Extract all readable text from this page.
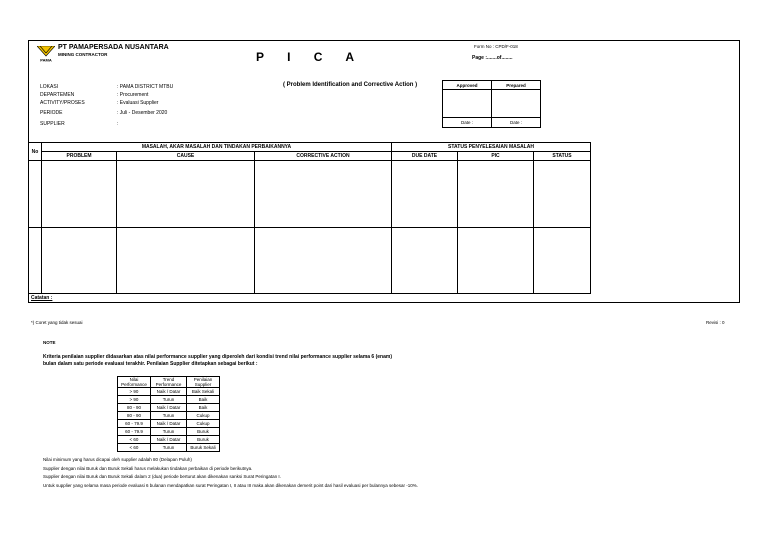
PAMA
PT PAMAPERSADA NUSANTARA
MINING CONTRACTOR	P I C A
Form No : CPD/F-018
Page :.......of........
LOKASI	: PAMA DISTRICT MTBU
DEPARTEMEN	: Procurement
ACTIVITY/PROSES	: Evaluasi Supplier
PERIODE	: Juli - Desember 2020
SUPPLIER	:
( Problem Identification and Corrective Action )	Approved	Prepared

Date :	Date :
No	MASALAH, AKAR MASALAH DAN TINDAKAN PERBAIKANNYA			STATUS PENYELESAIAN MASALAH		
	PROBLEM	CAUSE	CORRECTIVE ACTION	DUE DATE	PIC	STATUS

Catatan :
*) Coret yang tidak sesuai	Revisi : 0
NOTE
Kriteria penilaian supplier didasarkan atas nilai performance supplier yang diperoleh dari kondisi trend nilai performance supplier selama 6 (enam) bulan dalam satu periode evaluasi terakhir. Penilaian Supplier ditetapkan sebagai berikut :
Nilai Performance	Trend Performance	Penilaian Supplier
> 90	Naik / Datar	Baik Sekali
> 90	Turun	Baik
80 - 90	Naik / Datar	Baik
80 - 90	Turun	Cukup
60 - 79.9	Naik / Datar	Cukup
60 - 79.9	Turun	Buruk
< 60	Naik / Datar	Buruk
< 60	Turun	Buruk Sekali
Nilai minimum yang harus dicapai oleh supplier adalah 80 (Delapan Puluh)
Supplier dengan nilai Buruk dan Buruk Sekali harus melakukan tindakan perbaikan di periode berikutnya.
Supplier dengan nilai Buruk dan Buruk Sekali dalam 2 (dua) periode berturut akan dikenakan sanksi Surat Peringatan I.
Untuk supplier yang selama masa periode evaluasi 6 bulanan mendapatkan surat Peringatan I, II atau III maka akan dikenakan demerit point dari hasil evaluasi per bulannya sebesar -10%.
